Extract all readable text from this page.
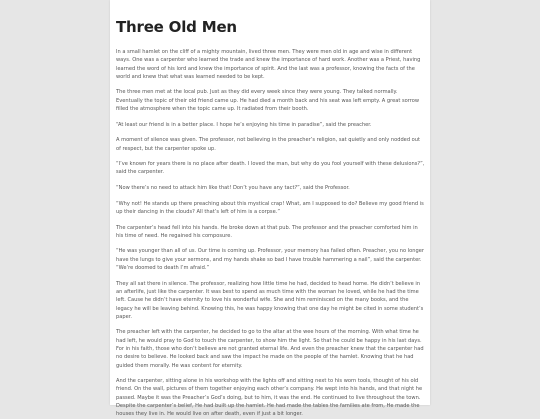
Three Old Men

In a small hamlet on the cliff of a mighty mountain, lived three men. They were men old in age and wise in different ways. One was a carpenter who learned the trade and knew the importance of hard work. Another was a Priest, having learned the word of his lord and knew the importance of spirit. And the last was a professor, knowing the facts of the world and knew that what was learned needed to be kept.

The three men met at the local pub. Just as they did every week since they were young. They talked normally. Eventually the topic of their old friend came up. He had died a month back and his seat was left empty. A great sorrow filled the atmosphere when the topic came up. It radiated from their booth.

“At least our friend is in a better place. I hope he’s enjoying his time in paradise”, said the preacher.

A moment of silence was given. The professor, not believing in the preacher’s religion, sat quietly and only nodded out of respect, but the carpenter spoke up.

“I’ve known for years there is no place after death. I loved the man, but why do you fool yourself with these delusions?”, said the carpenter.

“Now there’s no need to attack him like that! Don’t you have any tact?”, said the Professor.

“Why not! He stands up there preaching about this mystical crap! What, am I supposed to do? Believe my good friend is up their dancing in the clouds? All that’s left of him is a corpse.”

The carpenter’s head fell into his hands. He broke down at that pub. The professor and the preacher comforted him in his time of need. He regained his composure.

“He was younger than all of us. Our time is coming up. Professor, your memory has failed often. Preacher, you no longer have the lungs to give your sermons, and my hands shake so bad I have trouble hammering a nail”, said the carpenter. “We’re doomed to death I’m afraid.”

They all sat there in silence. The professor, realizing how little time he had, decided to head home. He didn’t believe in an afterlife, just like the carpenter. It was best to spend as much time with the woman he loved, while he had the time left. Cause he didn’t have eternity to love his wonderful wife. She and him reminisced on the many books, and the legacy he will be leaving behind. Knowing this, he was happy knowing that one day he might be cited in some student’s paper.

The preacher left with the carpenter, he decided to go to the altar at the wee hours of the morning. With what time he had left, he would pray to God to touch the carpenter, to show him the light. So that he could be happy in his last days. For in his faith, those who don’t believe are not granted eternal life. And even the preacher knew that the carpenter had no desire to believe. He looked back and saw the impact he made on the people of the hamlet. Knowing that he had guided them morally. He was content for eternity.

And the carpenter, sitting alone in his workshop with the lights off and sitting next to his worn tools, thought of his old friend. On the wall, pictures of them together enjoying each other’s company. He wept into his hands, and that night he passed. Maybe it was the Preacher’s God’s doing, but to him, it was the end. He continued to live throughout the town. Despite the carpenter’s belief, He had built up the hamlet. He had made the tables the families ate from, He made the houses they live in. He would live on after death, even if just a bit longer.
